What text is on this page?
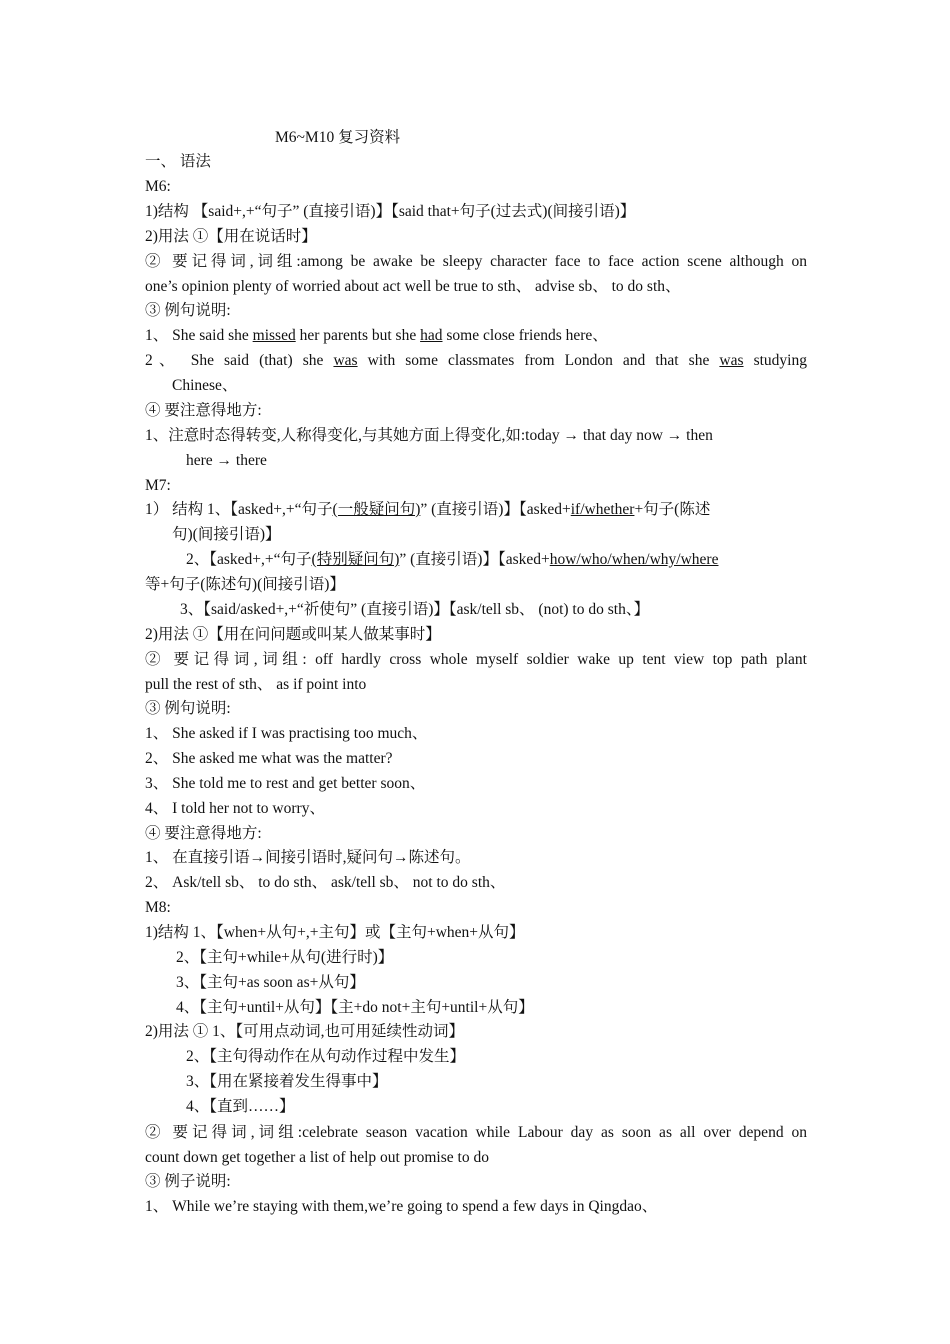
M6~M10 复习资料
一、 语法
M6:
1)结构 【said+,+“句子” (直接引语)】【said that+句子(过去式)(间接引语)】
2)用法 ①【用在说话时】
② 要记得词,词组:among be awake be sleepy character face to face action scene although on
one’s opinion plenty of worried about act well be true to sth、 advise sb、 to do sth、
③ 例句说明:
1、 She said she missed her parents but she had some close friends here、
2、 She said (that) she was with some classmates from London and that she was studying
Chinese、
④ 要注意得地方:
1、注意时态得转变,人称得变化,与其她方面上得变化,如:today → that day now → then
here → there
M7:
1） 结构 1、【asked+,+“句子(一般疑问句)” (直接引语)】【asked+if/whether+句子(陈述
句)(间接引语)】
2、【asked+,+“句子(特别疑问句)” (直接引语)】【asked+how/who/when/why/where
等+句子(陈述句)(间接引语)】
3、【said/asked+,+“祈使句” (直接引语)】【ask/tell sb、 (not) to do sth、】
2)用法 ①【用在问问题或叫某人做某事时】
② 要记得词,词组: off hardly cross whole myself soldier wake up tent view top path plant
pull the rest of sth、 as if point into
③ 例句说明:
1、 She asked if I was practising too much、
2、 She asked me what was the matter?
3、 She told me to rest and get better soon、
4、 I told her not to worry、
④ 要注意得地方:
1、 在直接引语→间接引语时,疑问句→陈述句。
2、 Ask/tell sb、 to do sth、 ask/tell sb、 not to do sth、
M8:
1)结构 1、【when+从句+,+主句】或【主句+when+从句】
2、【主句+while+从句(进行时)】
3、【主句+as soon as+从句】
4、【主句+until+从句】【主+do not+主句+until+从句】
2)用法 ① 1、【可用点动词,也可用延续性动词】
2、【主句得动作在从句动作过程中发生】
3、【用在紧接着发生得事中】
4、【直到……】
② 要记得词,词组:celebrate season vacation while Labour day as soon as all over depend on
count down get together a list of help out promise to do
③ 例子说明:
1、 While we’re staying with them,we’re going to spend a few days in Qingdao、
